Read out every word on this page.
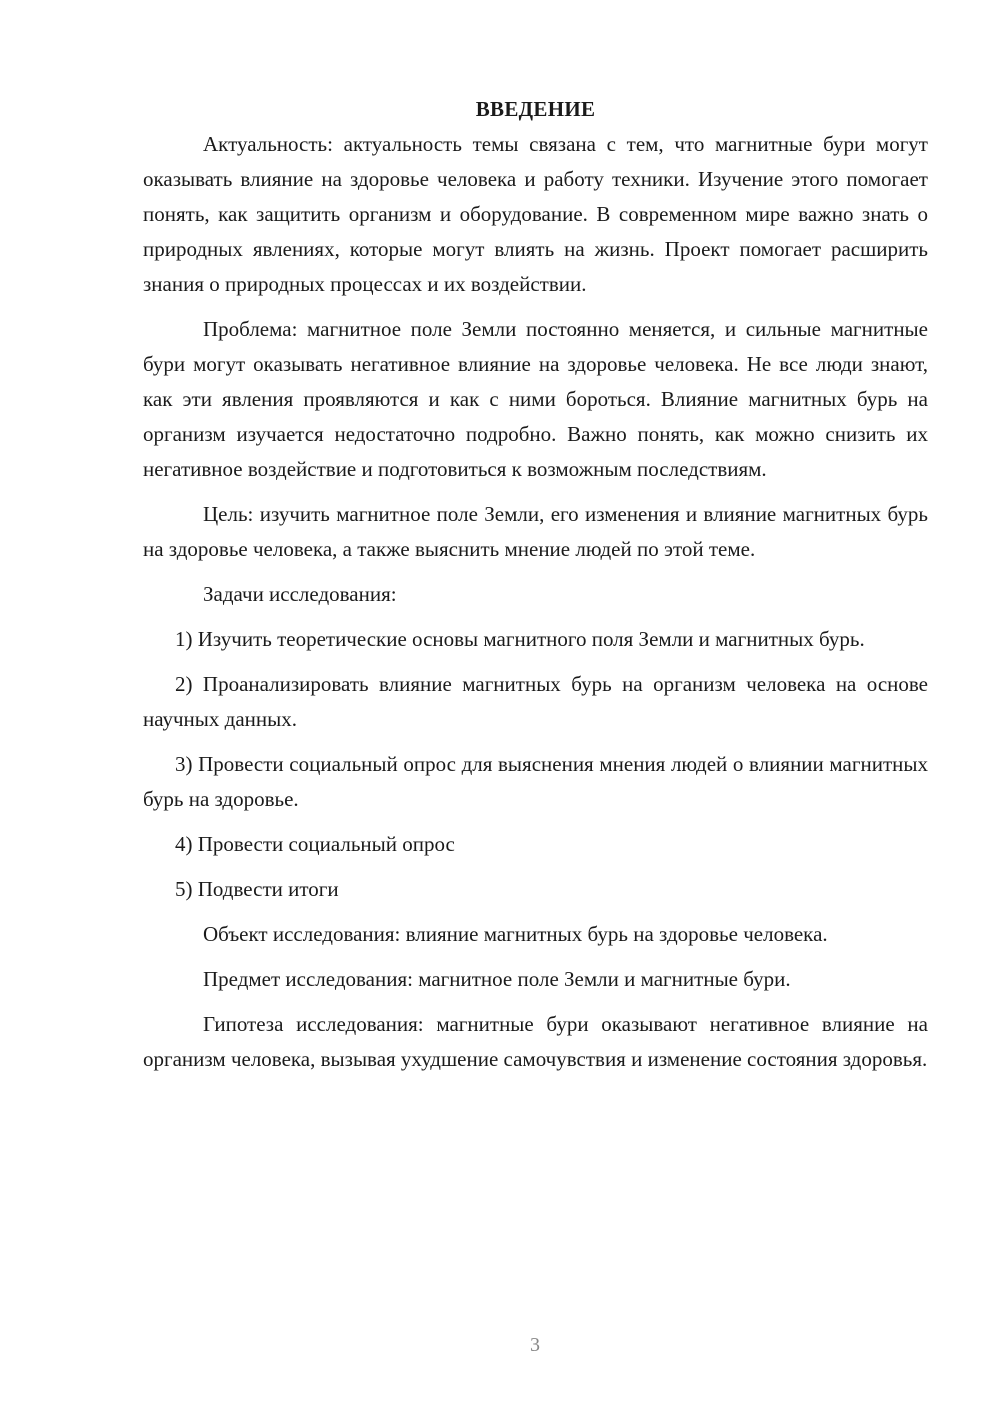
ВВЕДЕНИЕ

Актуальность: актуальность темы связана с тем, что магнитные бури могут оказывать влияние на здоровье человека и работу техники. Изучение этого помогает понять, как защитить организм и оборудование. В современном мире важно знать о природных явлениях, которые могут влиять на жизнь. Проект помогает расширить знания о природных процессах и их воздействии.

Проблема: магнитное поле Земли постоянно меняется, и сильные магнитные бури могут оказывать негативное влияние на здоровье человека. Не все люди знают, как эти явления проявляются и как с ними бороться. Влияние магнитных бурь на организм изучается недостаточно подробно. Важно понять, как можно снизить их негативное воздействие и подготовиться к возможным последствиям.

Цель: изучить магнитное поле Земли, его изменения и влияние магнитных бурь на здоровье человека, а также выяснить мнение людей по этой теме.

Задачи исследования:

1) Изучить теоретические основы магнитного поля Земли и магнитных бурь.

2) Проанализировать влияние магнитных бурь на организм человека на основе научных данных.

3) Провести социальный опрос для выяснения мнения людей о влиянии магнитных бурь на здоровье.

4) Провести социальный опрос

5) Подвести итоги

Объект исследования: влияние магнитных бурь на здоровье человека.

Предмет исследования: магнитное поле Земли и магнитные бури.

Гипотеза исследования: магнитные бури оказывают негативное влияние на организм человека, вызывая ухудшение самочувствия и изменение состояния здоровья.

3
